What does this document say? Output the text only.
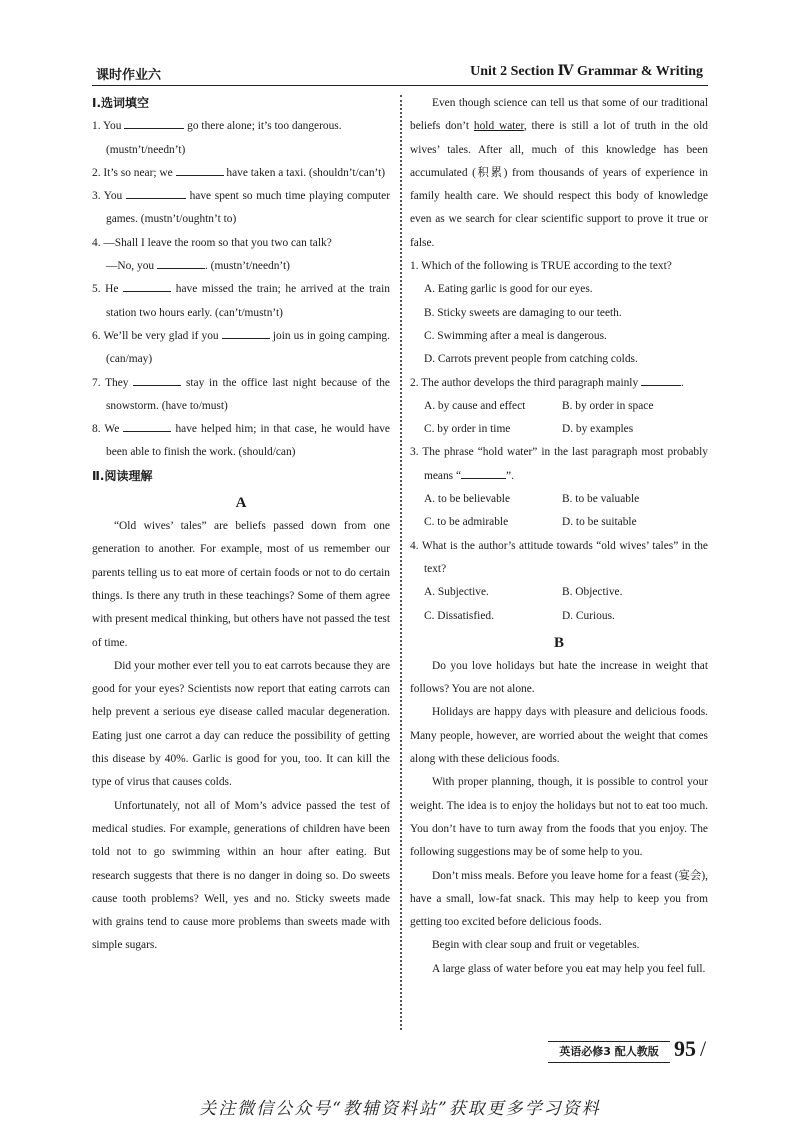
课时作业六	Unit 2 Section Ⅳ Grammar & Writing
Ⅰ.选词填空
1. You	go there alone; it’s too dangerous.
(mustn’t/needn’t)
2. It’s so near; we	have taken a taxi. (shouldn’t/can’t)
3. You	have spent so much time playing computer games. (mustn’t/oughtn’t to)
4. —Shall I leave the room so that you two can talk?
—No, you	. (mustn’t/needn’t)
5. He	have missed the train; he arrived at the train station two hours early. (can’t/mustn’t)
6. We’ll be very glad if you	join us in going camping. (can/may)
7. They	stay in the office last night because of the snowstorm. (have to/must)
8. We	have helped him; in that case, he would have been able to finish the work. (should/can)
Ⅱ.阅读理解
A
“Old wives’ tales” are beliefs passed down from one generation to another. For example, most of us remember our parents telling us to eat more of certain foods or not to do certain things. Is there any truth in these teachings? Some of them agree with present medical thinking, but others have not passed the test of time.
Did your mother ever tell you to eat carrots because they are good for your eyes? Scientists now report that eating carrots can help prevent a serious eye disease called macular degeneration. Eating just one carrot a day can reduce the possibility of getting this disease by 40%. Garlic is good for you, too. It can kill the type of virus that causes colds.
Unfortunately, not all of Mom’s advice passed the test of medical studies. For example, generations of children have been told not to go swimming within an hour after eating. But research suggests that there is no danger in doing so. Do sweets cause tooth problems? Well, yes and no. Sticky sweets made with grains tend to cause more problems than sweets made with simple sugars.
Even though science can tell us that some of our traditional beliefs don’t hold water, there is still a lot of truth in the old wives’ tales. After all, much of this knowledge has been accumulated (积累) from thousands of years of experience in family health care. We should respect this body of knowledge even as we search for clear scientific support to prove it true or false.
1. Which of the following is TRUE according to the text?
A. Eating garlic is good for our eyes.
B. Sticky sweets are damaging to our teeth.
C. Swimming after a meal is dangerous.
D. Carrots prevent people from catching colds.
2. The author develops the third paragraph mainly	.
A. by cause and effect	B. by order in space
C. by order in time	D. by examples
3. The phrase “hold water” in the last paragraph most probably means “	”.
A. to be believable	B. to be valuable
C. to be admirable	D. to be suitable
4. What is the author’s attitude towards “old wives’ tales” in the text?
A. Subjective.	B. Objective.
C. Dissatisfied.	D. Curious.
B
Do you love holidays but hate the increase in weight that follows? You are not alone.
Holidays are happy days with pleasure and delicious foods. Many people, however, are worried about the weight that comes along with these delicious foods.
With proper planning, though, it is possible to control your weight. The idea is to enjoy the holidays but not to eat too much. You don’t have to turn away from the foods that you enjoy. The following suggestions may be of some help to you.
Don’t miss meals. Before you leave home for a feast (宴会), have a small, low-fat snack. This may help to keep you from getting too excited before delicious foods.
Begin with clear soup and fruit or vegetables.
A large glass of water before you eat may help you feel full.
英语必修3 配人教版 95 /
关注微信公众号“教辅资料站”获取更多学习资料
